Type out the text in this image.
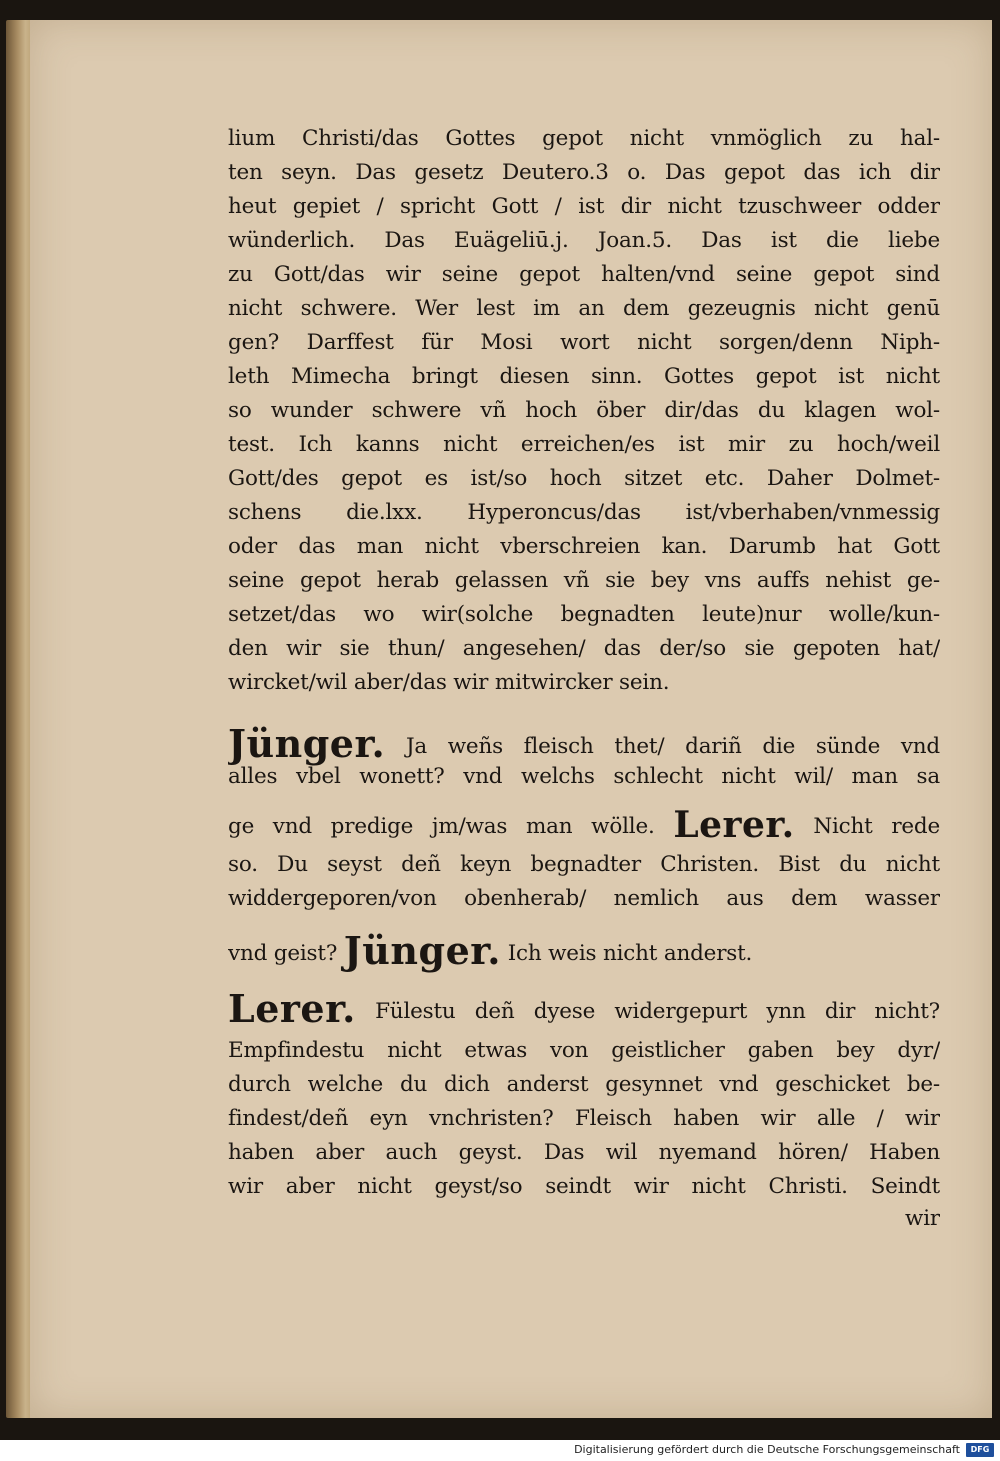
lium Christi/das Gottes gepot nicht vnmöglich zu hal-
ten seyn. Das gesetz Deutero.3 o. Das gepot das ich dir
heut gepiet / spricht Gott / ist dir nicht tzuschweer odder
wünderlich. Das Euägeliū.j. Joan.5. Das ist die liebe
zu Gott/das wir seine gepot halten/vnd seine gepot sind
nicht schwere. Wer lest im an dem gezeugnis nicht genū
gen? Darffest für Mosi wort nicht sorgen/denn Niph-
leth Mimecha bringt diesen sinn. Gottes gepot ist nicht
so wunder schwere vñ hoch öber dir/das du klagen wol-
test. Ich kanns nicht erreichen/es ist mir zu hoch/weil
Gott/des gepot es ist/so hoch sitzet etc. Daher Dolmet-
schens die.lxx. Hyperoncus/das ist/vberhaben/vnmessig
oder das man nicht vberschreien kan. Darumb hat Gott
seine gepot herab gelassen vñ sie bey vns auffs nehist ge-
setzet/das wo wir(solche begnadten leute)nur wolle/kun-
den wir sie thun/ angesehen/ das der/so sie gepoten hat/
wircket/wil aber/das wir mitwircker sein.
Jünger. Ja weñs fleisch thet/ dariñ die sünde vnd
alles vbel wonett? vnd welchs schlecht nicht wil/ man sa
ge vnd predige jm/was man wölle. Lerer. Nicht rede
so. Du seyst deñ keyn begnadter Christen. Bist du nicht
widdergeporen/von obenherab/ nemlich aus dem wasser
vnd geist? Jünger. Ich weis nicht anderst.
Lerer. Fülestu deñ dyese widergepurt ynn dir nicht?
Empfindestu nicht etwas von geistlicher gaben bey dyr/
durch welche du dich anderst gesynnet vnd geschicket be-
findest/deñ eyn vnchristen? Fleisch haben wir alle / wir
haben aber auch geyst. Das wil nyemand hören/ Haben
wir aber nicht geyst/so seindt wir nicht Christi. Seindt
wir
Digitalisierung gefördert durch die Deutsche Forschungsgemeinschaft	DFG
